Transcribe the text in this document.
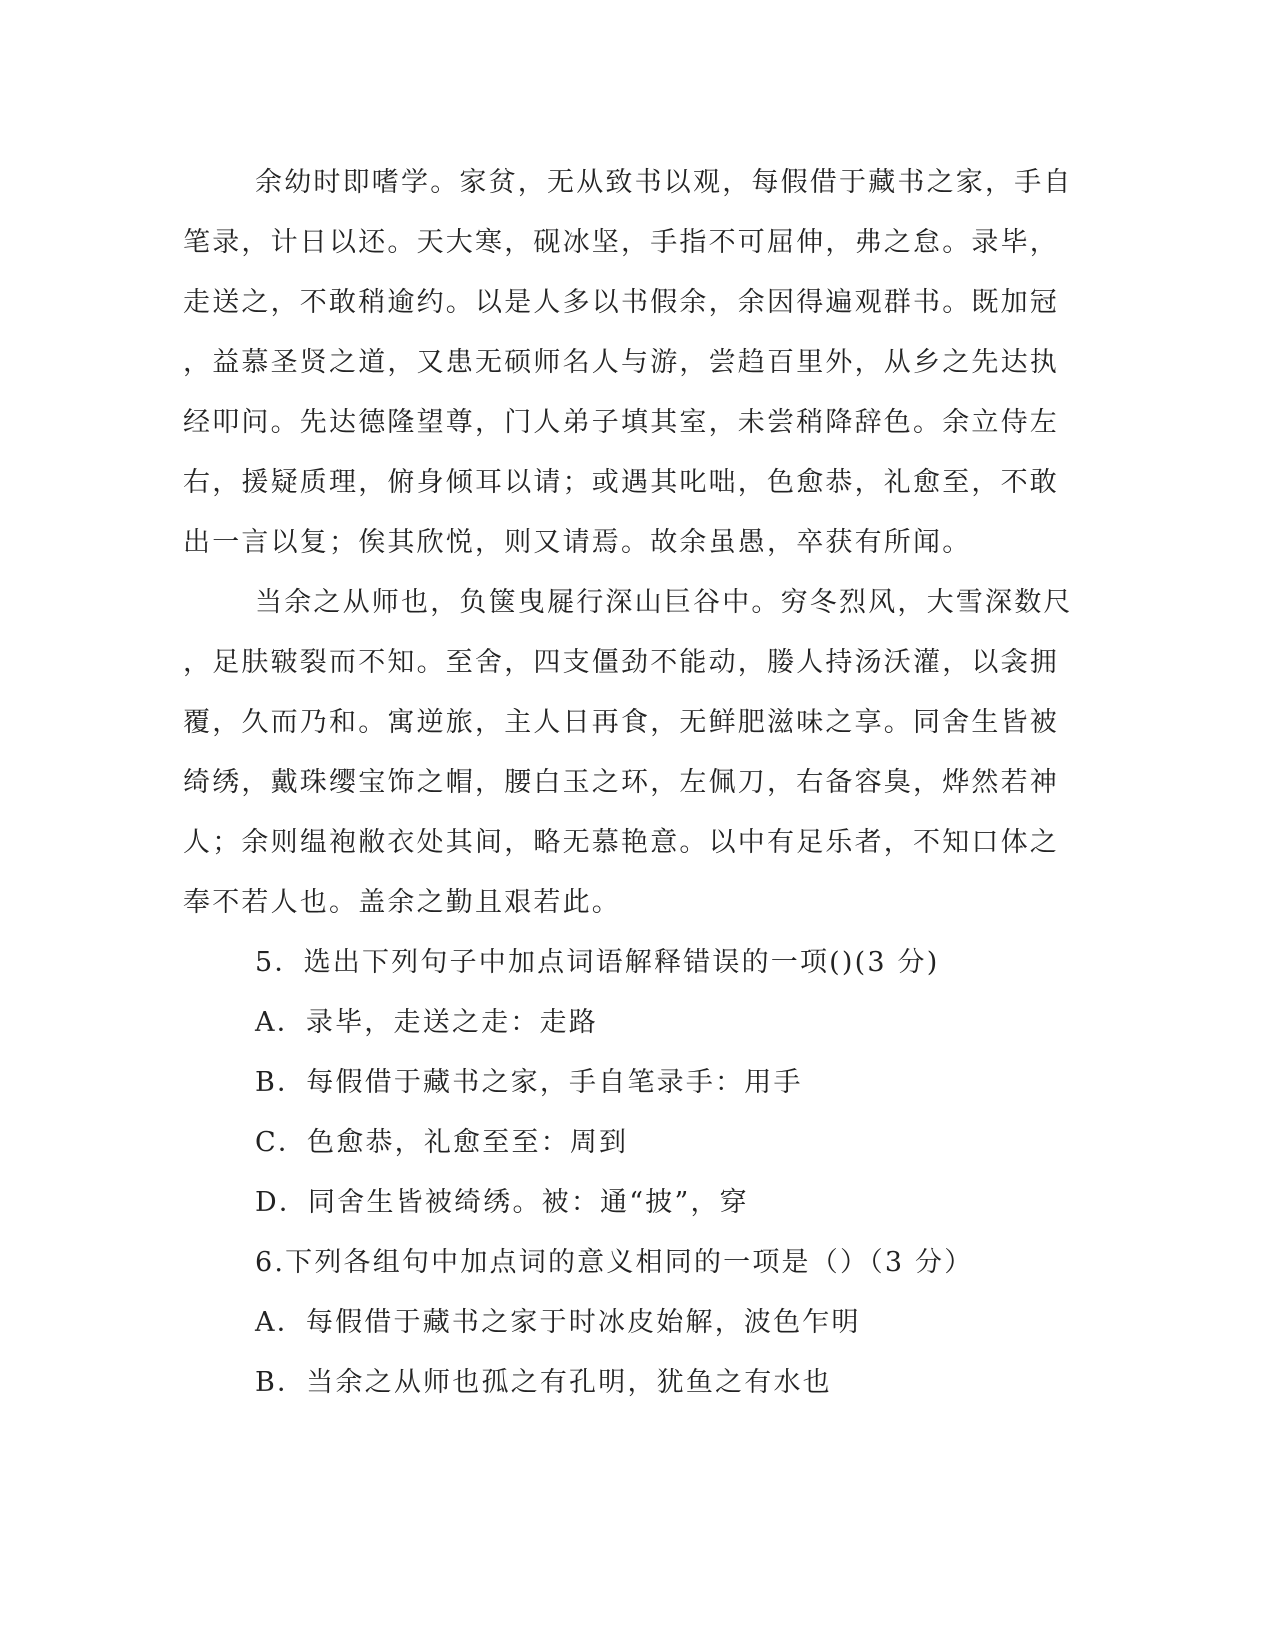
余幼时即嗜学。家贫，无从致书以观，每假借于藏书之家，手自
笔录，计日以还。天大寒，砚冰坚，手指不可屈伸，弗之怠。录毕，
走送之，不敢稍逾约。以是人多以书假余，余因得遍观群书。既加冠
，益慕圣贤之道，又患无硕师名人与游，尝趋百里外，从乡之先达执
经叩问。先达德隆望尊，门人弟子填其室，未尝稍降辞色。余立侍左
右，援疑质理，俯身倾耳以请；或遇其叱咄，色愈恭，礼愈至，不敢
出一言以复；俟其欣悦，则又请焉。故余虽愚，卒获有所闻。
当余之从师也，负箧曳屣行深山巨谷中。穷冬烈风，大雪深数尺
，足肤皲裂而不知。至舍，四支僵劲不能动，媵人持汤沃灌，以衾拥
覆，久而乃和。寓逆旅，主人日再食，无鲜肥滋味之享。同舍生皆被
绮绣，戴珠缨宝饰之帽，腰白玉之环，左佩刀，右备容臭，烨然若神
人；余则缊袍敝衣处其间，略无慕艳意。以中有足乐者，不知口体之
奉不若人也。盖余之勤且艰若此。
5．选出下列句子中加点词语解释错误的一项()(3 分)
A．录毕，走送之走：走路
B．每假借于藏书之家，手自笔录手：用手
C．色愈恭，礼愈至至：周到
D．同舍生皆被绮绣。被：通“披”，穿
6.下列各组句中加点词的意义相同的一项是（）（3 分）
A．每假借于藏书之家于时冰皮始解，波色乍明
B．当余之从师也孤之有孔明，犹鱼之有水也
